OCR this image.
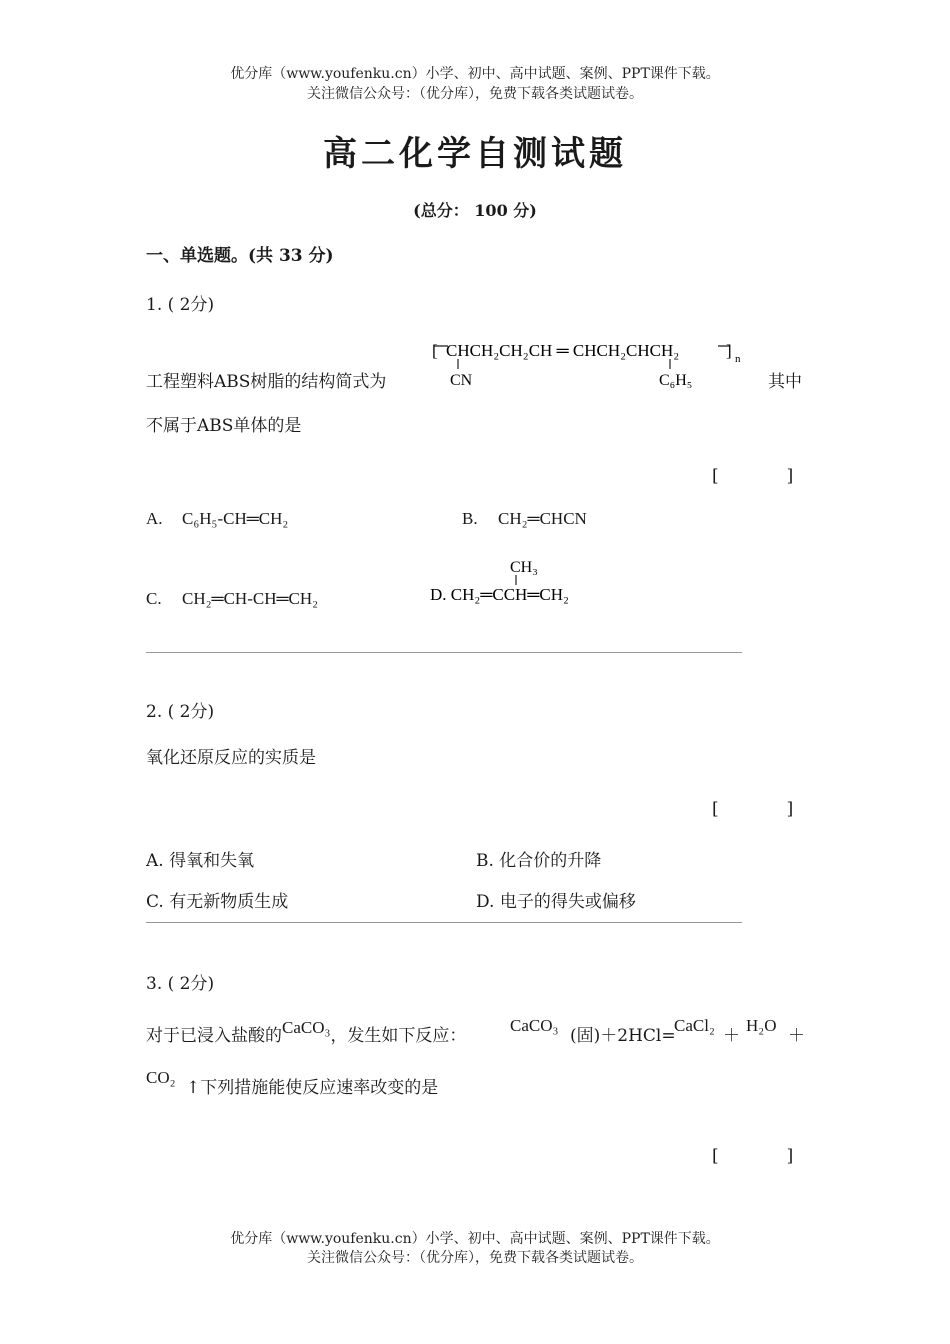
优分库（www.youfenku.cn）小学、初中、高中试题、案例、PPT课件下载。
关注微信公众号：（优分库），免费下载各类试题试卷。
高二化学自测试题
(总分： 100 分)
一、单选题。(共 33 分)
1. ( 2分)
[ CHCH₂CH₂CH ═ CHCH₂CHCH₂	] n
CN	C₆H₅
工程塑料ABS树脂的结构简式为	其中
不属于ABS单体的是
[　　　　]
A. C₆H₅-CH═CH₂	B. CH₂═CHCN
C. CH₂═CH-CH═CH₂
CH₃
D. CH₂═CCH═CH₂
2. ( 2分)
氧化还原反应的实质是
[　　　　]
A. 得氧和失氧	B. 化合价的升降
C. 有无新物质生成	D. 电子的得失或偏移
3. ( 2分)
对于已浸入盐酸的CaCO₃，发生如下反应：
CaCO₃
(固)＋2HCl=
CaCl₂
＋
H₂O
＋
CO₂
↑下列措施能使反应速率改变的是
[　　　　]
优分库（www.youfenku.cn）小学、初中、高中试题、案例、PPT课件下载。
关注微信公众号：（优分库），免费下载各类试题试卷。
